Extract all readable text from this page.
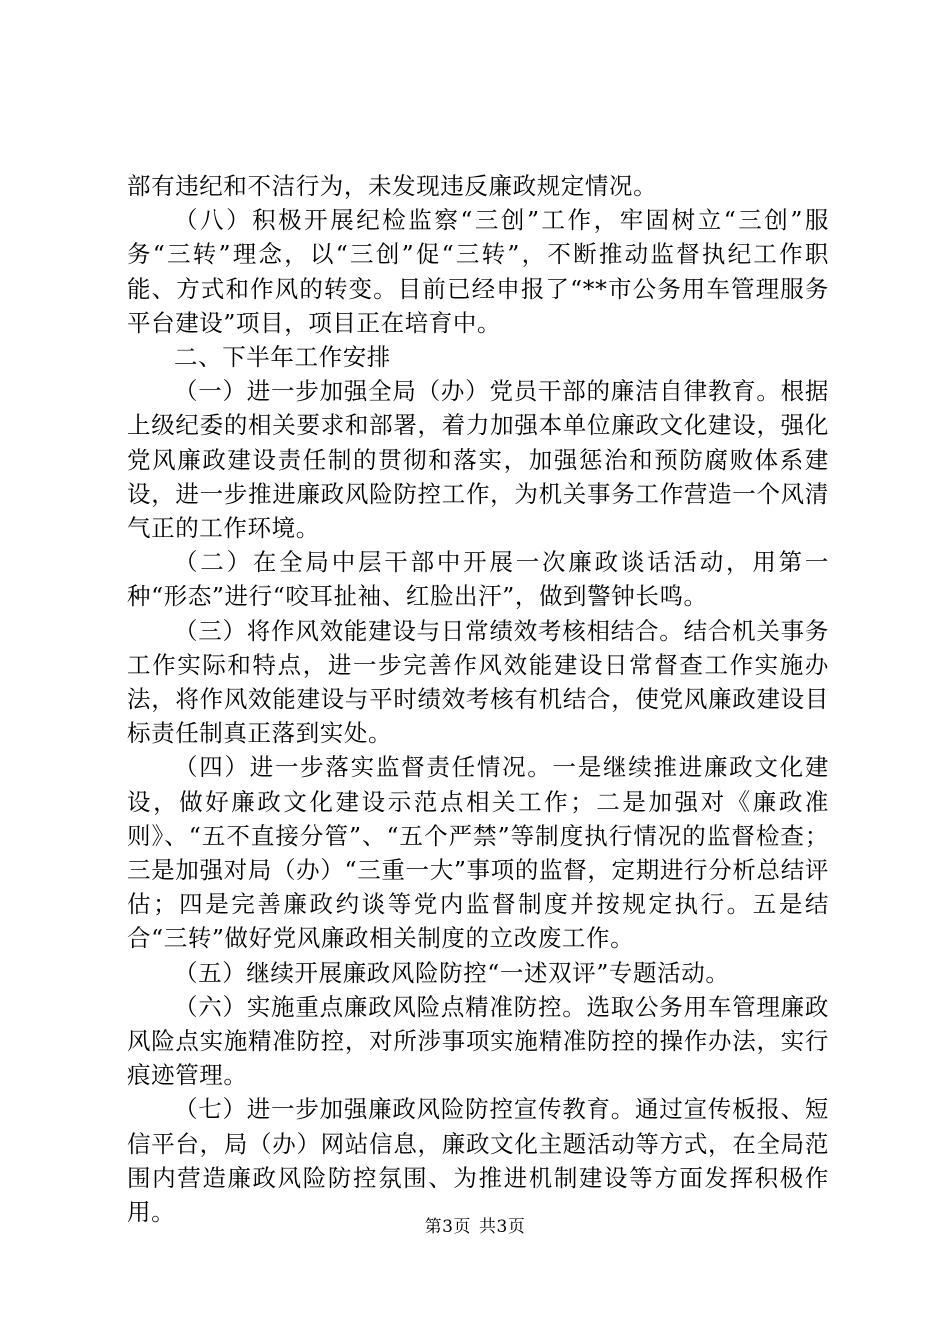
部有违纪和不洁行为，未发现违反廉政规定情况。

（八）积极开展纪检监察“三创”工作，牢固树立“三创”服务“三转”理念，以“三创”促“三转”，不断推动监督执纪工作职能、方式和作风的转变。目前已经申报了“**市公务用车管理服务平台建设”项目，项目正在培育中。

二、下半年工作安排

（一）进一步加强全局（办）党员干部的廉洁自律教育。根据上级纪委的相关要求和部署，着力加强本单位廉政文化建设，强化党风廉政建设责任制的贯彻和落实，加强惩治和预防腐败体系建设，进一步推进廉政风险防控工作，为机关事务工作营造一个风清气正的工作环境。

（二）在全局中层干部中开展一次廉政谈话活动，用第一种“形态”进行“咬耳扯袖、红脸出汗”，做到警钟长鸣。

（三）将作风效能建设与日常绩效考核相结合。结合机关事务工作实际和特点，进一步完善作风效能建设日常督查工作实施办法，将作风效能建设与平时绩效考核有机结合，使党风廉政建设目标责任制真正落到实处。

（四）进一步落实监督责任情况。一是继续推进廉政文化建设，做好廉政文化建设示范点相关工作；二是加强对《廉政准则》、“五不直接分管”、“五个严禁”等制度执行情况的监督检查；三是加强对局（办）“三重一大”事项的监督，定期进行分析总结评估；四是完善廉政约谈等党内监督制度并按规定执行。五是结合“三转”做好党风廉政相关制度的立改废工作。

（五）继续开展廉政风险防控“一述双评”专题活动。

（六）实施重点廉政风险点精准防控。选取公务用车管理廉政风险点实施精准防控，对所涉事项实施精准防控的操作办法，实行痕迹管理。

（七）进一步加强廉政风险防控宣传教育。通过宣传板报、短信平台，局（办）网站信息，廉政文化主题活动等方式，在全局范围内营造廉政风险防控氛围、为推进机制建设等方面发挥积极作用。

第3页 共3页
